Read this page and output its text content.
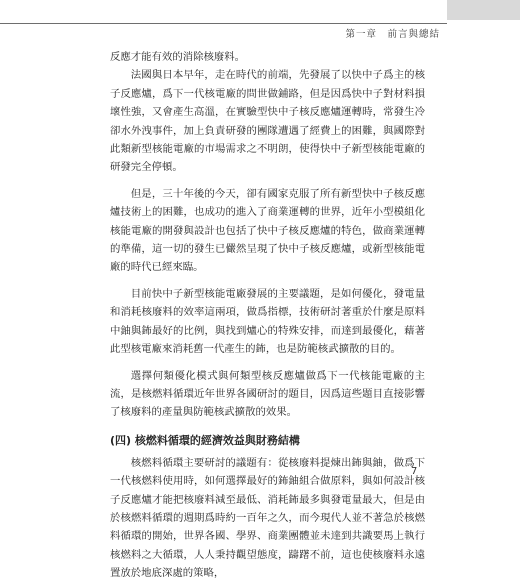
第一章　前言與總結

反應才能有效的消除核廢料。

法國與日本早年，走在時代的前端，先發展了以快中子爲主的核子反應爐，爲下一代核電廠的問世做鋪路，但是因爲快中子對材料損壞性強，又會產生高溫，在實驗型快中子核反應爐運轉時，常發生冷卻水外洩事件，加上負責研發的團隊遭遇了經費上的困難，與國際對此類新型核能電廠的市場需求之不明朗，使得快中子新型核能電廠的研發完全停頓。

但是，三十年後的今天，卻有國家克服了所有新型快中子核反應爐技術上的困難，也成功的進入了商業運轉的世界，近年小型模組化核能電廠的開發與設計也包括了快中子核反應爐的特色，做商業運轉的準備，這一切的發生已儼然呈現了快中子核反應爐，或新型核能電廠的時代已經來臨。

目前快中子新型核能電廠發展的主要議題，是如何優化，發電量和消耗核廢料的效率這兩項，做爲指標，技術研討著重於什麼是原料中鈾與鈽最好的比例，與找到爐心的特殊安排，而達到最優化，藉著此型核電廠來消耗舊一代產生的鈽，也是防範核武擴散的目的。

選擇何類優化模式與何類型核反應爐做爲下一代核能電廠的主流，是核燃料循環近年世界各國研討的題目，因爲這些題目直接影響了核廢料的產量與防範核武擴散的效果。

(四) 核燃料循環的經濟效益與財務結構

核燃料循環主要研討的議題有：從核廢料提煉出鈽與鈾，做爲下一代核燃料使用時，如何選擇最好的鈽鈾組合做原料，與如何設計核子反應爐才能把核廢料減至最低、消耗鈽最多與發電量最大，但是由於核燃料循環的週期爲時約一百年之久，而今現代人並不著急於核燃料循環的開始，世界各國、學界、商業團體並未達到共識要馬上執行核燃料之大循環，人人秉持觀望態度，躊躇不前，這也使核廢料永遠置放於地底深處的策略，

7
